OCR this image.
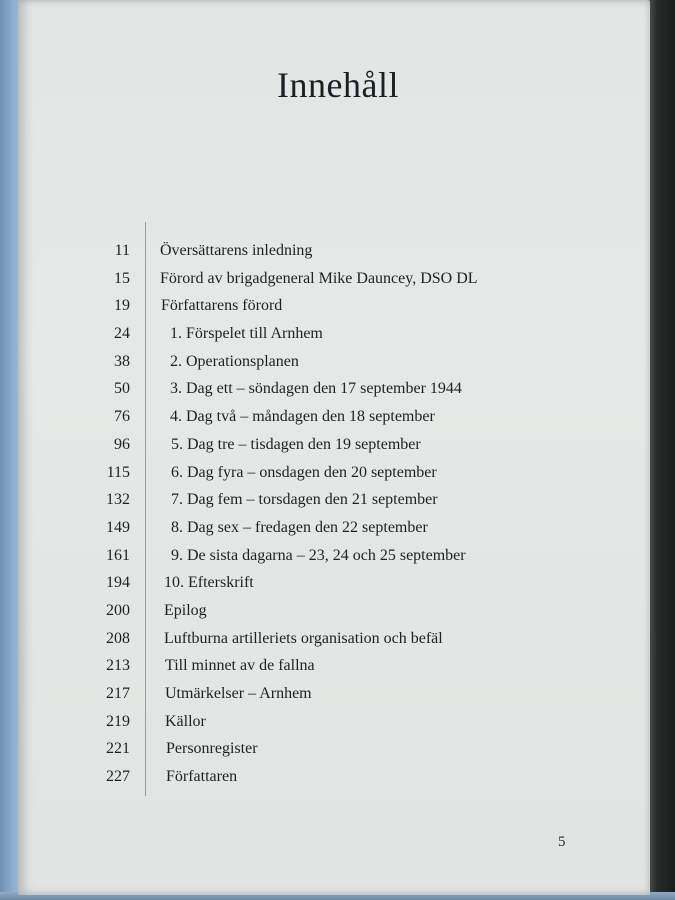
Innehåll
11 Översättarens inledning
15 Förord av brigadgeneral Mike Dauncey, DSO DL
19 Författarens förord
24	1. Förspelet till Arnhem
38	2. Operationsplanen
50	3. Dag ett – söndagen den 17 september 1944
76	4. Dag två – måndagen den 18 september
96	5. Dag tre – tisdagen den 19 september
115	6. Dag fyra – onsdagen den 20 september
132	7. Dag fem – torsdagen den 21 september
149	8. Dag sex – fredagen den 22 september
161	9. De sista dagarna – 23, 24 och 25 september
194 10. Efterskrift
200 Epilog
208 Luftburna artilleriets organisation och befäl
213 Till minnet av de fallna
217 Utmärkelser – Arnhem
219 Källor
221 Personregister
227 Författaren
5
